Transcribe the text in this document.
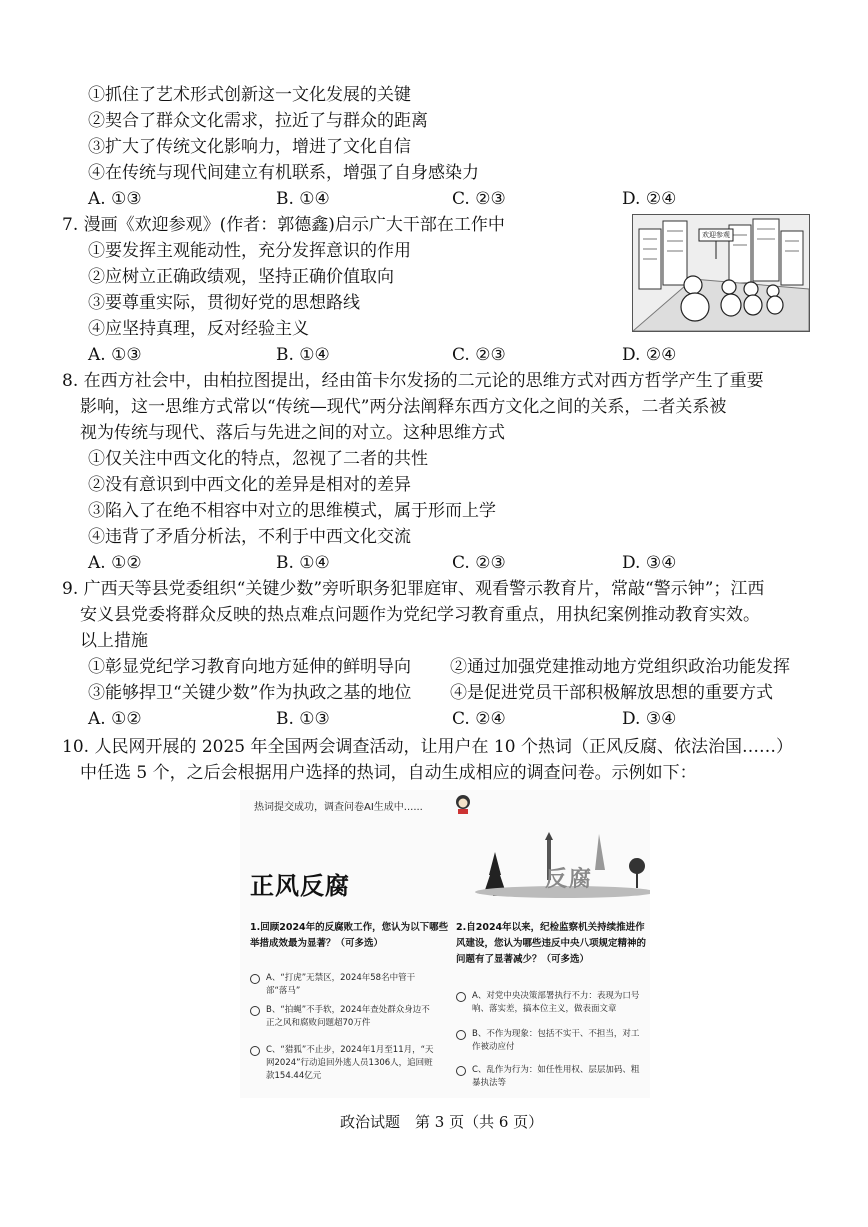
①抓住了艺术形式创新这一文化发展的关键
②契合了群众文化需求，拉近了与群众的距离
③扩大了传统文化影响力，增进了文化自信
④在传统与现代间建立有机联系，增强了自身感染力
A. ①③	B. ①④	C. ②③	D. ②④
7. 漫画《欢迎参观》(作者：郭德鑫)启示广大干部在工作中
①要发挥主观能动性，充分发挥意识的作用
②应树立正确政绩观，坚持正确价值取向
③要尊重实际，贯彻好党的思想路线
④应坚持真理，反对经验主义
A. ①③	B. ①④	C. ②③	D. ②④
欢迎参观
8. 在西方社会中，由柏拉图提出，经由笛卡尔发扬的二元论的思维方式对西方哲学产生了重要
影响，这一思维方式常以“传统—现代”两分法阐释东西方文化之间的关系，二者关系被
视为传统与现代、落后与先进之间的对立。这种思维方式
①仅关注中西文化的特点，忽视了二者的共性
②没有意识到中西文化的差异是相对的差异
③陷入了在绝不相容中对立的思维模式，属于形而上学
④违背了矛盾分析法，不利于中西文化交流
A. ①②	B. ①④	C. ②③	D. ③④
9. 广西天等县党委组织“关键少数”旁听职务犯罪庭审、观看警示教育片，常敲“警示钟”；江西
安义县党委将群众反映的热点难点问题作为党纪学习教育重点，用执纪案例推动教育实效。
以上措施
①彰显党纪学习教育向地方延伸的鲜明导向 ②通过加强党建推动地方党组织政治功能发挥
③能够捍卫“关键少数”作为执政之基的地位 ④是促进党员干部积极解放思想的重要方式
A. ①②	B. ①③	C. ②④	D. ③④
10. 人民网开展的 2025 年全国两会调查活动，让用户在 10 个热词（正风反腐、依法治国……）
中任选 5 个，之后会根据用户选择的热词，自动生成相应的调查问卷。示例如下：
热词提交成功，调查问卷AI生成中......
正风反腐	反腐
1.回顾2024年的反腐败工作，您认为以下哪些举措成效最为显著？（可多选）
A、“打虎”无禁区，2024年58名中管干部“落马”
B、“拍蝇”不手软，2024年查处群众身边不正之风和腐败问题超70万件
C、“猎狐”不止步，2024年1月至11月，“天网2024”行动追回外逃人员1306人，追回赃款154.44亿元
2.自2024年以来，纪检监察机关持续推进作风建设，您认为哪些违反中央八项规定精神的问题有了显著减少？（可多选）
A、对党中央决策部署执行不力：表现为口号响、落实差，搞本位主义，做表面文章
B、不作为现象：包括不实干、不担当，对工作被动应付
C、乱作为行为：如任性用权、层层加码、粗暴执法等
政治试题　第 3 页（共 6 页）
